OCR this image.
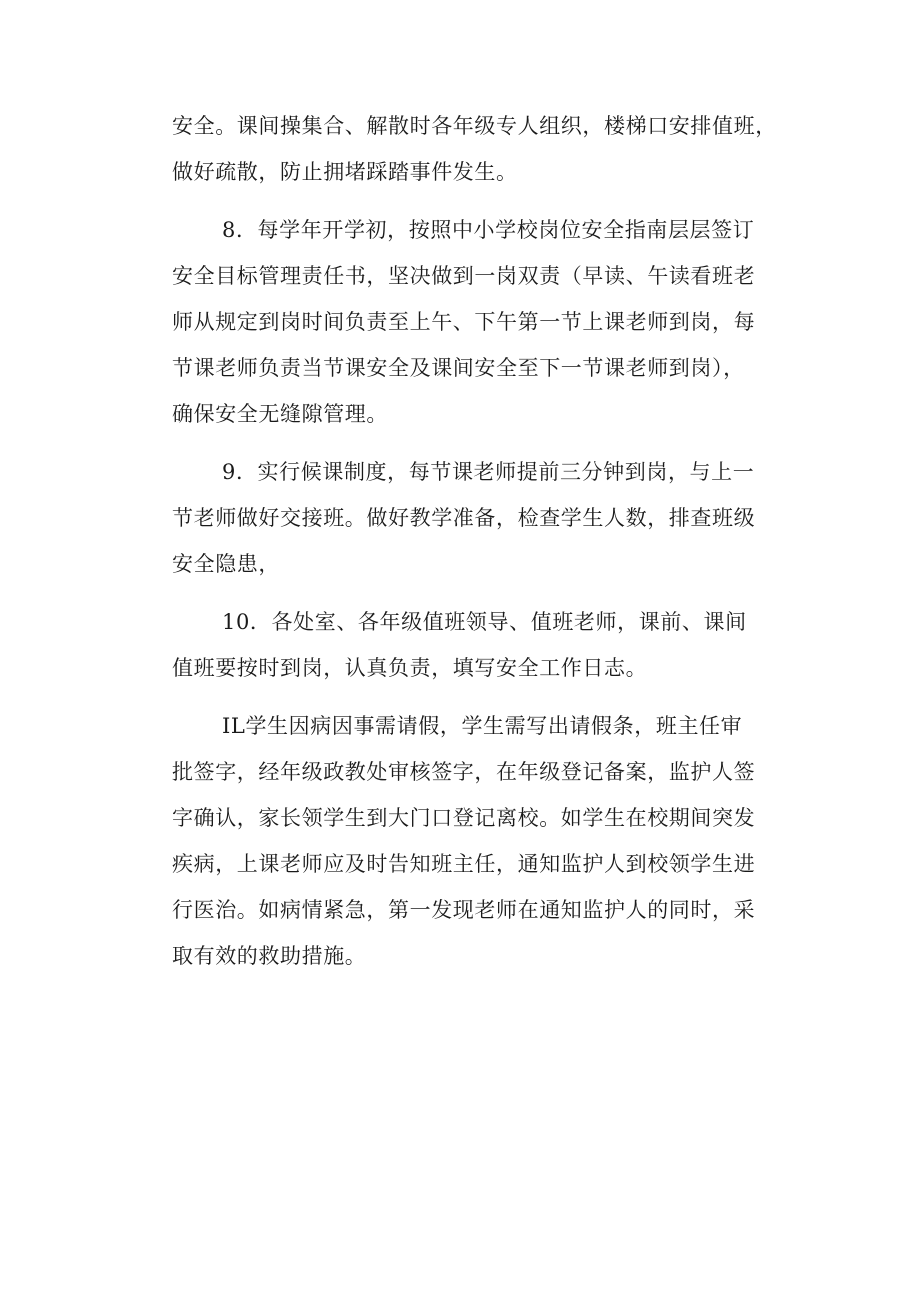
安全。课间操集合、解散时各年级专人组织，楼梯口安排值班，
做好疏散，防止拥堵踩踏事件发生。
8．每学年开学初，按照中小学校岗位安全指南层层签订
安全目标管理责任书，坚决做到一岗双责（早读、午读看班老
师从规定到岗时间负责至上午、下午第一节上课老师到岗，每
节课老师负责当节课安全及课间安全至下一节课老师到岗），
确保安全无缝隙管理。
9．实行候课制度，每节课老师提前三分钟到岗，与上一
节老师做好交接班。做好教学准备，检查学生人数，排查班级
安全隐患，
10．各处室、各年级值班领导、值班老师，课前、课间
值班要按时到岗，认真负责，填写安全工作日志。
IL学生因病因事需请假，学生需写出请假条，班主任审
批签字，经年级政教处审核签字，在年级登记备案，监护人签
字确认，家长领学生到大门口登记离校。如学生在校期间突发
疾病，上课老师应及时告知班主任，通知监护人到校领学生进
行医治。如病情紧急，第一发现老师在通知监护人的同时，采
取有效的救助措施。
